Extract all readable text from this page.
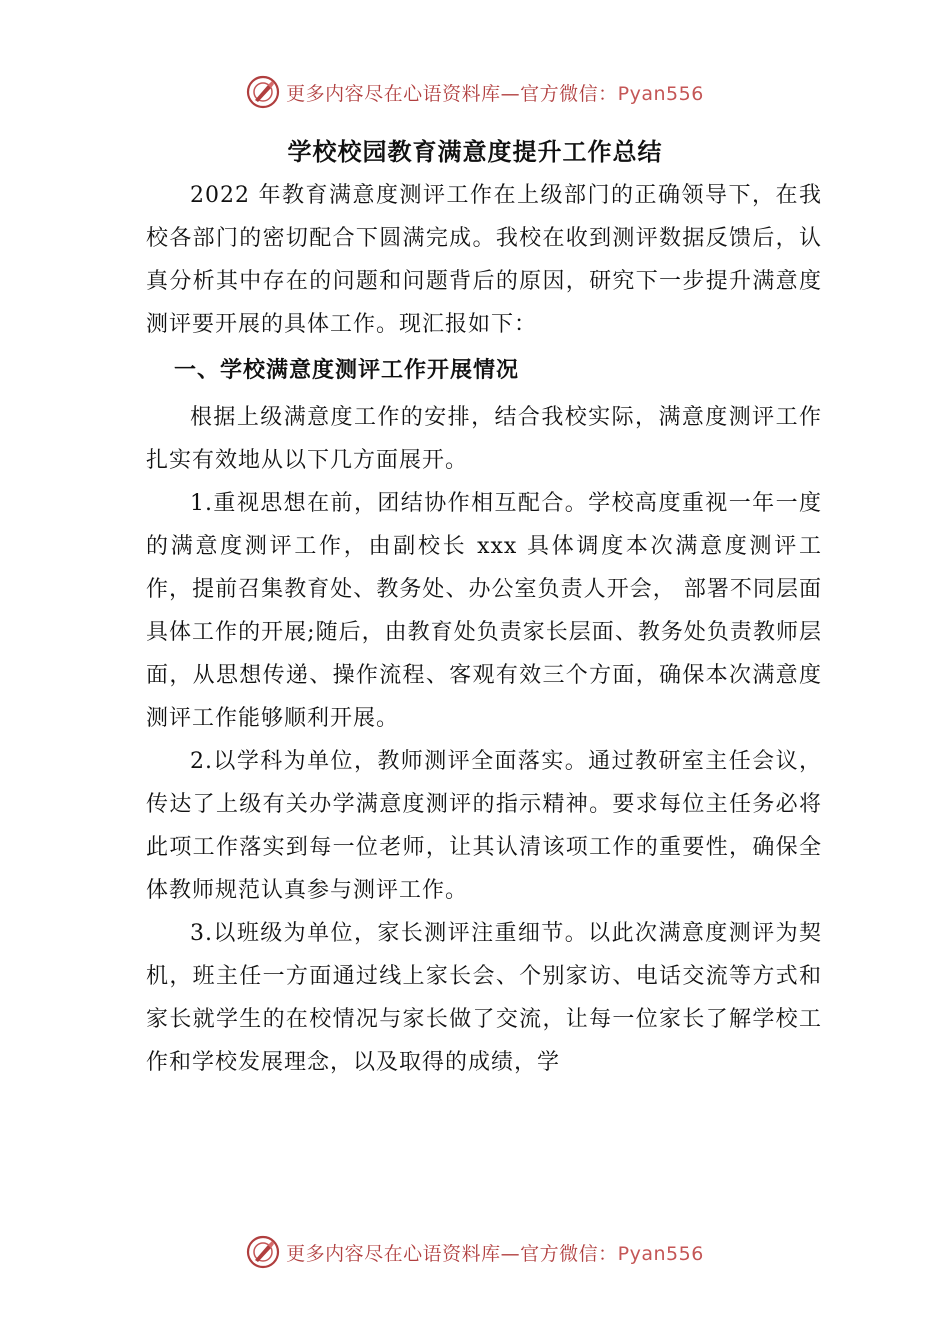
更多内容尽在心语资料库—官方微信：Pyan556
学校校园教育满意度提升工作总结

2022 年教育满意度测评工作在上级部门的正确领导下，在我校各部门的密切配合下圆满完成。我校在收到测评数据反馈后，认真分析其中存在的问题和问题背后的原因，研究下一步提升满意度测评要开展的具体工作。现汇报如下：

一、学校满意度测评工作开展情况

根据上级满意度工作的安排，结合我校实际，满意度测评工作扎实有效地从以下几方面展开。

1.重视思想在前，团结协作相互配合。学校高度重视一年一度的满意度测评工作，由副校长 xxx 具体调度本次满意度测评工作，提前召集教育处、教务处、办公室负责人开会， 部署不同层面具体工作的开展;随后，由教育处负责家长层面、教务处负责教师层面，从思想传递、操作流程、客观有效三个方面，确保本次满意度测评工作能够顺利开展。

2.以学科为单位，教师测评全面落实。通过教研室主任会议，传达了上级有关办学满意度测评的指示精神。要求每位主任务必将此项工作落实到每一位老师，让其认清该项工作的重要性，确保全体教师规范认真参与测评工作。

3.以班级为单位，家长测评注重细节。以此次满意度测评为契机，班主任一方面通过线上家长会、个别家访、电话交流等方式和家长就学生的在校情况与家长做了交流，让每一位家长了解学校工作和学校发展理念，以及取得的成绩，学

更多内容尽在心语资料库—官方微信：Pyan556
